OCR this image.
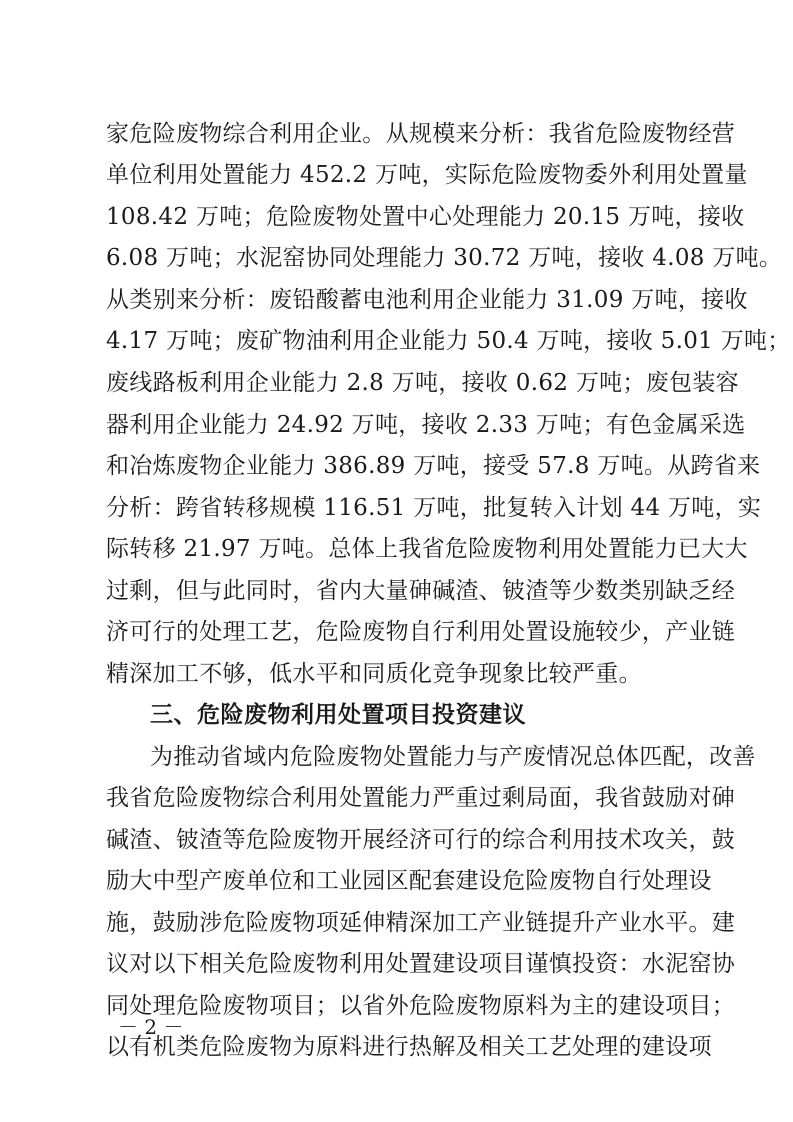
家危险废物综合利用企业。从规模来分析：我省危险废物经营
单位利用处置能力 452.2 万吨，实际危险废物委外利用处置量
108.42 万吨；危险废物处置中心处理能力 20.15 万吨，接收
6.08 万吨；水泥窑协同处理能力 30.72 万吨，接收 4.08 万吨。
从类别来分析：废铅酸蓄电池利用企业能力 31.09 万吨，接收
4.17 万吨；废矿物油利用企业能力 50.4 万吨，接收 5.01 万吨；
废线路板利用企业能力 2.8 万吨，接收 0.62 万吨；废包装容
器利用企业能力 24.92 万吨，接收 2.33 万吨；有色金属采选
和冶炼废物企业能力 386.89 万吨，接受 57.8 万吨。从跨省来
分析：跨省转移规模 116.51 万吨，批复转入计划 44 万吨，实
际转移 21.97 万吨。总体上我省危险废物利用处置能力已大大
过剩，但与此同时，省内大量砷碱渣、铍渣等少数类别缺乏经
济可行的处理工艺，危险废物自行利用处置设施较少，产业链
精深加工不够，低水平和同质化竞争现象比较严重。
三、危险废物利用处置项目投资建议
为推动省域内危险废物处置能力与产废情况总体匹配，改善
我省危险废物综合利用处置能力严重过剩局面，我省鼓励对砷
碱渣、铍渣等危险废物开展经济可行的综合利用技术攻关，鼓
励大中型产废单位和工业园区配套建设危险废物自行处理设
施，鼓励涉危险废物项延伸精深加工产业链提升产业水平。建
议对以下相关危险废物利用处置建设项目谨慎投资：水泥窑协
同处理危险废物项目；以省外危险废物原料为主的建设项目；
以有机类危险废物为原料进行热解及相关工艺处理的建设项
－ 2 －
